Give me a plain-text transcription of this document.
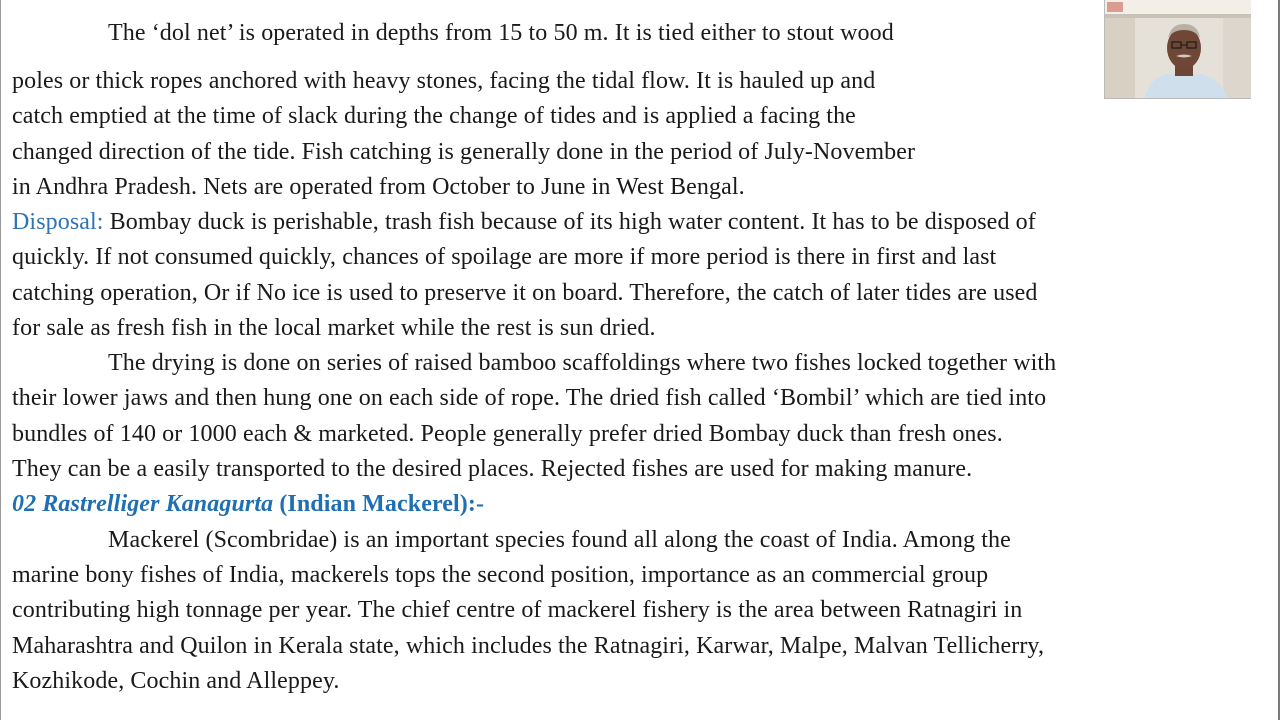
The ‘dol net’ is operated in depths from 15 to 50 m. It is tied either to stout wood

poles or thick ropes anchored with heavy stones, facing the tidal flow. It is hauled up and

catch emptied at the time of slack during the change of tides and is applied a facing the

changed direction of the tide. Fish catching is generally done in the period of July-November

in Andhra Pradesh. Nets are operated from October to June in West Bengal.

Disposal: Bombay duck is perishable, trash fish because of its high water content. It has to be disposed of

quickly. If not consumed quickly, chances of spoilage are more if more period is there in first and last

catching operation, Or if No ice is used to preserve it on board. Therefore, the catch of later tides are used

for sale as fresh fish in the local market while the rest is sun dried.

The drying is done on series of raised bamboo scaffoldings where two fishes locked together with

their lower jaws and then hung one on each side of rope. The dried fish called ‘Bombil’ which are tied into

bundles of 140 or 1000 each & marketed. People generally prefer dried Bombay duck than fresh ones.

They can be a easily transported to the desired places. Rejected fishes are used for making manure.

02 Rastrelliger Kanagurta (Indian Mackerel):-

Mackerel (Scombridae) is an important species found all along the coast of India. Among the

marine bony fishes of India, mackerels tops the second position, importance as an commercial group

contributing high tonnage per year. The chief centre of mackerel fishery is the area between Ratnagiri in

Maharashtra and Quilon in Kerala state, which includes the Ratnagiri, Karwar, Malpe, Malvan Tellicherry,

Kozhikode, Cochin and Alleppey.
